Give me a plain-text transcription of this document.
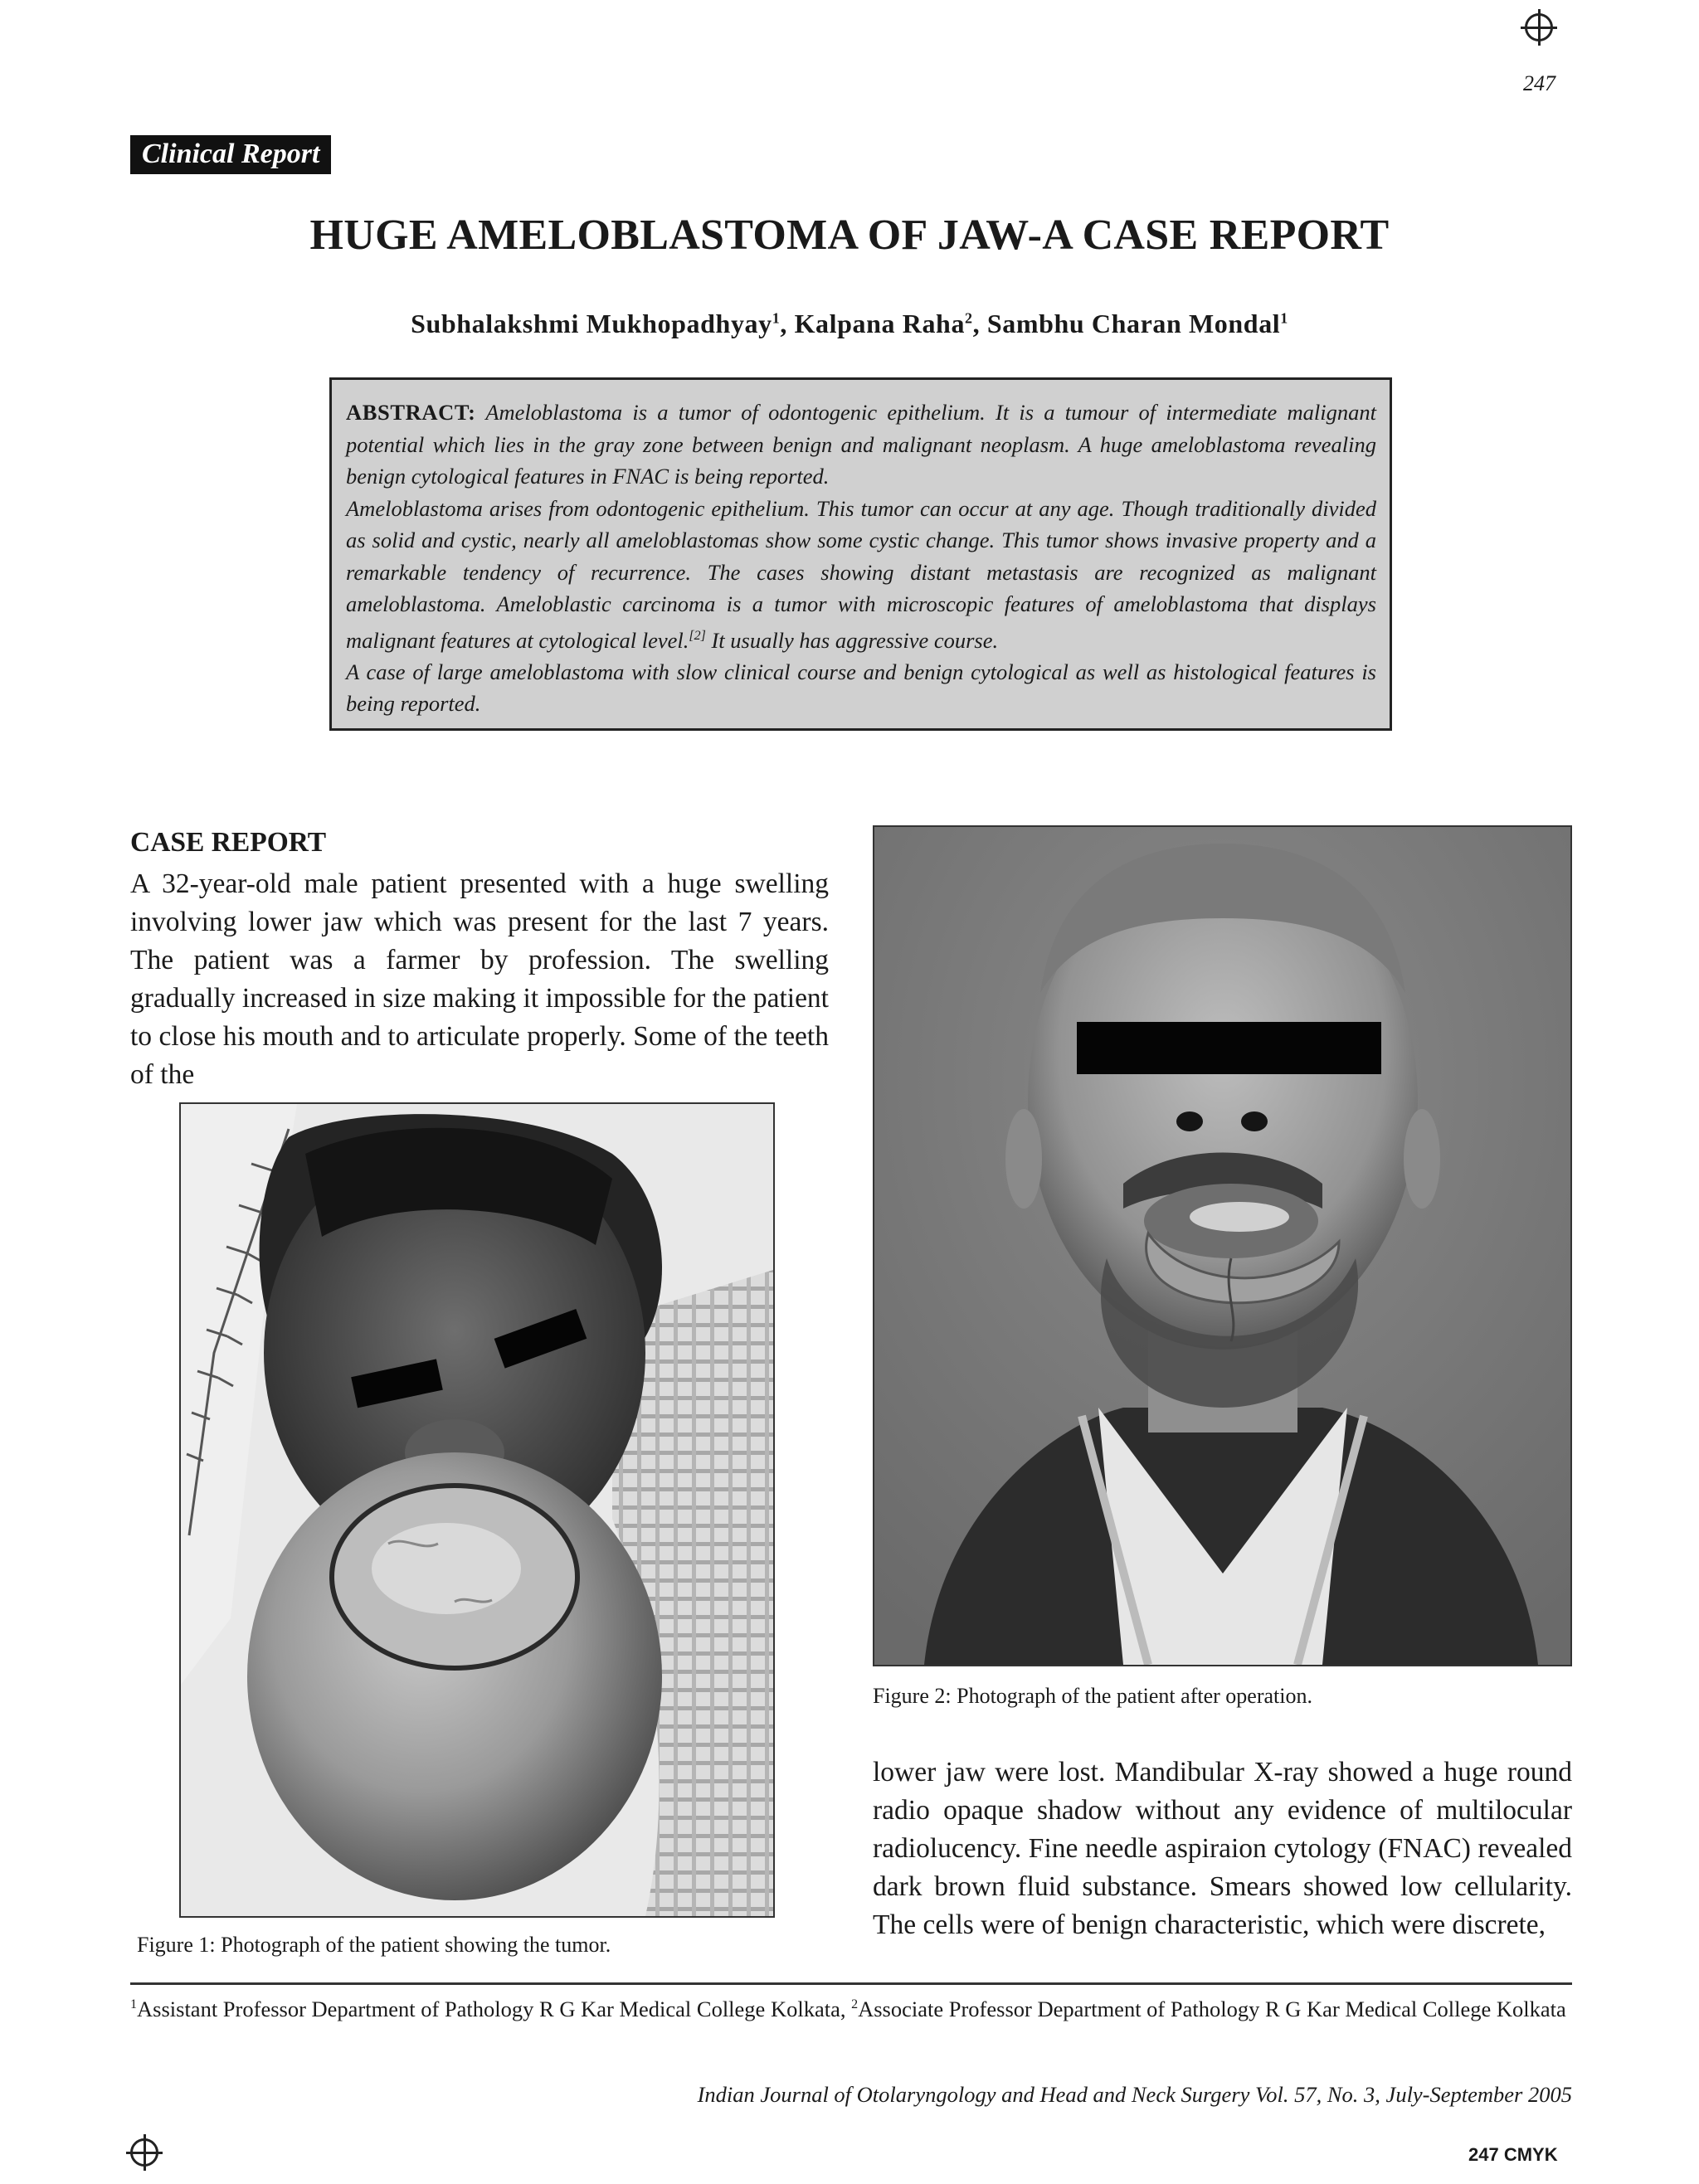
247
Clinical Report
HUGE AMELOBLASTOMA OF JAW-A CASE REPORT
Subhalakshmi Mukhopadhyay$^1$, Kalpana Raha$^2$, Sambhu Charan Mondal$^1$

ABSTRACT: Ameloblastoma is a tumor of odontogenic epithelium. It is a tumour of intermediate malignant potential which lies in the gray zone between benign and malignant neoplasm. A huge ameloblastoma revealing benign cytological features in FNAC is being reported.

Ameloblastoma arises from odontogenic epithelium. This tumor can occur at any age. Though traditionally divided as solid and cystic, nearly all ameloblastomas show some cystic change. This tumor shows invasive property and a remarkable tendency of recurrence. The cases showing distant metastasis are recognized as malignant ameloblastoma. Ameloblastic carcinoma is a tumor with microscopic features of ameloblastoma that displays malignant features at cytological level.[2] It usually has aggressive course.

A case of large ameloblastoma with slow clinical course and benign cytological as well as histological features is being reported.

CASE REPORT

A 32-year-old male patient presented with a huge swelling involving lower jaw which was present for the last 7 years. The patient was a farmer by profession. The swelling gradually increased in size making it impossible for the patient to close his mouth and to articulate properly. Some of the teeth of the

Figure 1: Photograph of the patient showing the tumor.
Figure 2: Photograph of the patient after operation.

lower jaw were lost. Mandibular X-ray showed a huge round radio opaque shadow without any evidence of multilocular radiolucency. Fine needle aspiraion cytology (FNAC) revealed dark brown fluid substance. Smears showed low cellularity. The cells were of benign characteristic, which were discrete,

$^1$Assistant Professor Department of Pathology R G Kar Medical College Kolkata, $^2$Associate Professor Department of Pathology R G Kar Medical College Kolkata
Indian Journal of Otolaryngology and Head and Neck Surgery Vol. 57, No. 3, July-September 2005
247 CMYK
